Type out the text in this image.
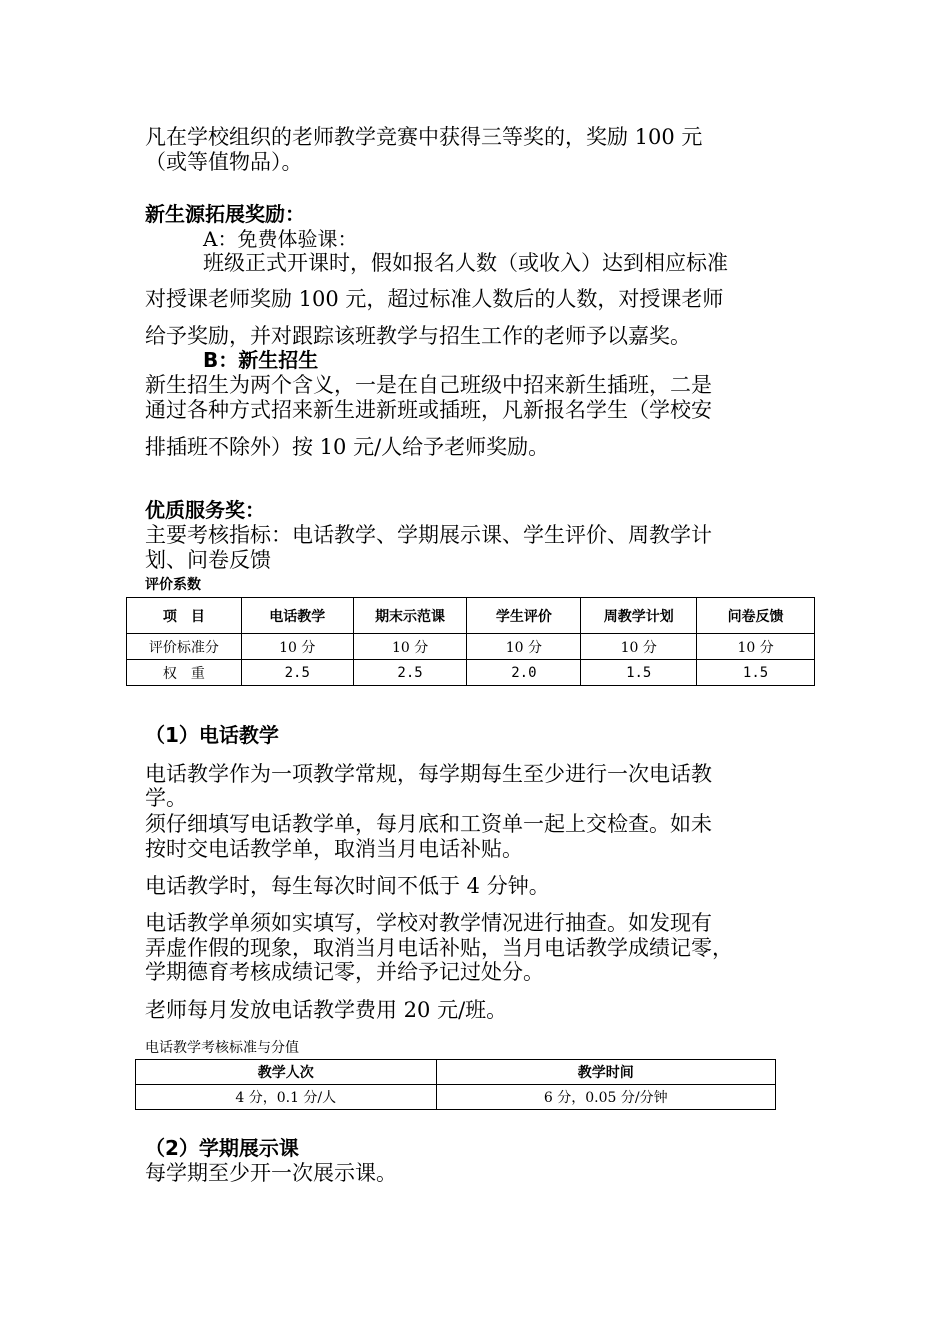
凡在学校组织的老师教学竞赛中获得三等奖的，奖励 100 元
（或等值物品）。
新生源拓展奖励：
A：免费体验课：
班级正式开课时，假如报名人数（或收入）达到相应标准
对授课老师奖励 100 元，超过标准人数后的人数，对授课老师
给予奖励，并对跟踪该班教学与招生工作的老师予以嘉奖。
B：新生招生
新生招生为两个含义，一是在自己班级中招来新生插班，二是
通过各种方式招来新生进新班或插班，凡新报名学生（学校安
排插班不除外）按 10 元/人给予老师奖励。
优质服务奖：
主要考核指标：电话教学、学期展示课、学生评价、周教学计
划、问卷反馈
评价系数
项　目	电话教学	期末示范课	学生评价	周教学计划	问卷反馈
评价标准分	10 分	10 分	10 分	10 分	10 分
权　重	2.5	2.5	2.0	1.5	1.5
（1）电话教学
电话教学作为一项教学常规，每学期每生至少进行一次电话教
学。
须仔细填写电话教学单，每月底和工资单一起上交检查。如未
按时交电话教学单，取消当月电话补贴。
电话教学时，每生每次时间不低于 4 分钟。
电话教学单须如实填写，学校对教学情况进行抽查。如发现有
弄虚作假的现象，取消当月电话补贴，当月电话教学成绩记零，
学期德育考核成绩记零，并给予记过处分。
老师每月发放电话教学费用 20 元/班。
电话教学考核标准与分值
教学人次	教学时间
4 分，0.1 分/人	6 分，0.05 分/分钟
（2）学期展示课
每学期至少开一次展示课。
